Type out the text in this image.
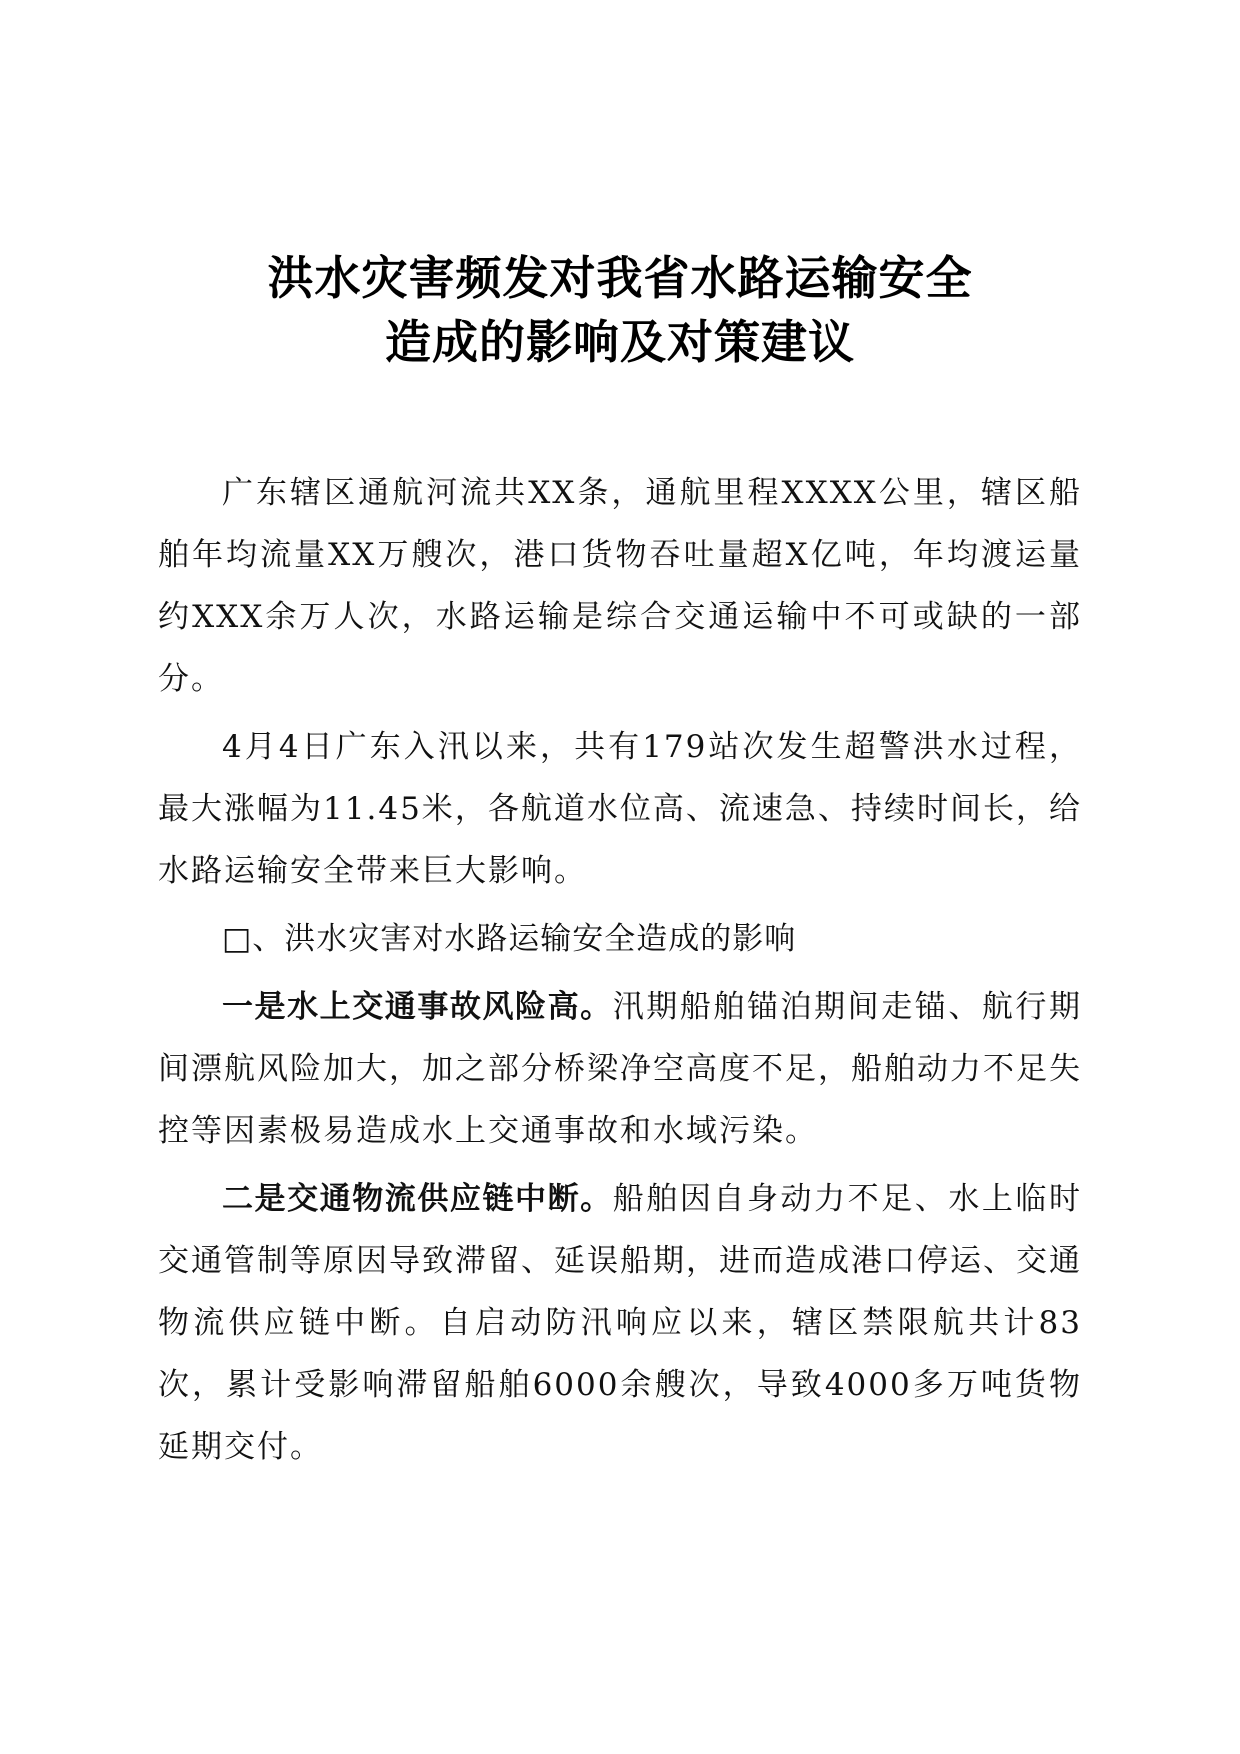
洪水灾害频发对我省水路运输安全
造成的影响及对策建议

广东辖区通航河流共XX条，通航里程XXXX公里，辖区船舶年均流量XX万艘次，港口货物吞吐量超X亿吨，年均渡运量约XXX余万人次，水路运输是综合交通运输中不可或缺的一部分。

4月4日广东入汛以来，共有179站次发生超警洪水过程，最大涨幅为11.45米，各航道水位高、流速急、持续时间长，给水路运输安全带来巨大影响。

□、洪水灾害对水路运输安全造成的影响

一是水上交通事故风险高。汛期船舶锚泊期间走锚、航行期间漂航风险加大，加之部分桥梁净空高度不足，船舶动力不足失控等因素极易造成水上交通事故和水域污染。

二是交通物流供应链中断。船舶因自身动力不足、水上临时交通管制等原因导致滞留、延误船期，进而造成港口停运、交通物流供应链中断。自启动防汛响应以来，辖区禁限航共计83次，累计受影响滞留船舶6000余艘次，导致4000多万吨货物延期交付。
